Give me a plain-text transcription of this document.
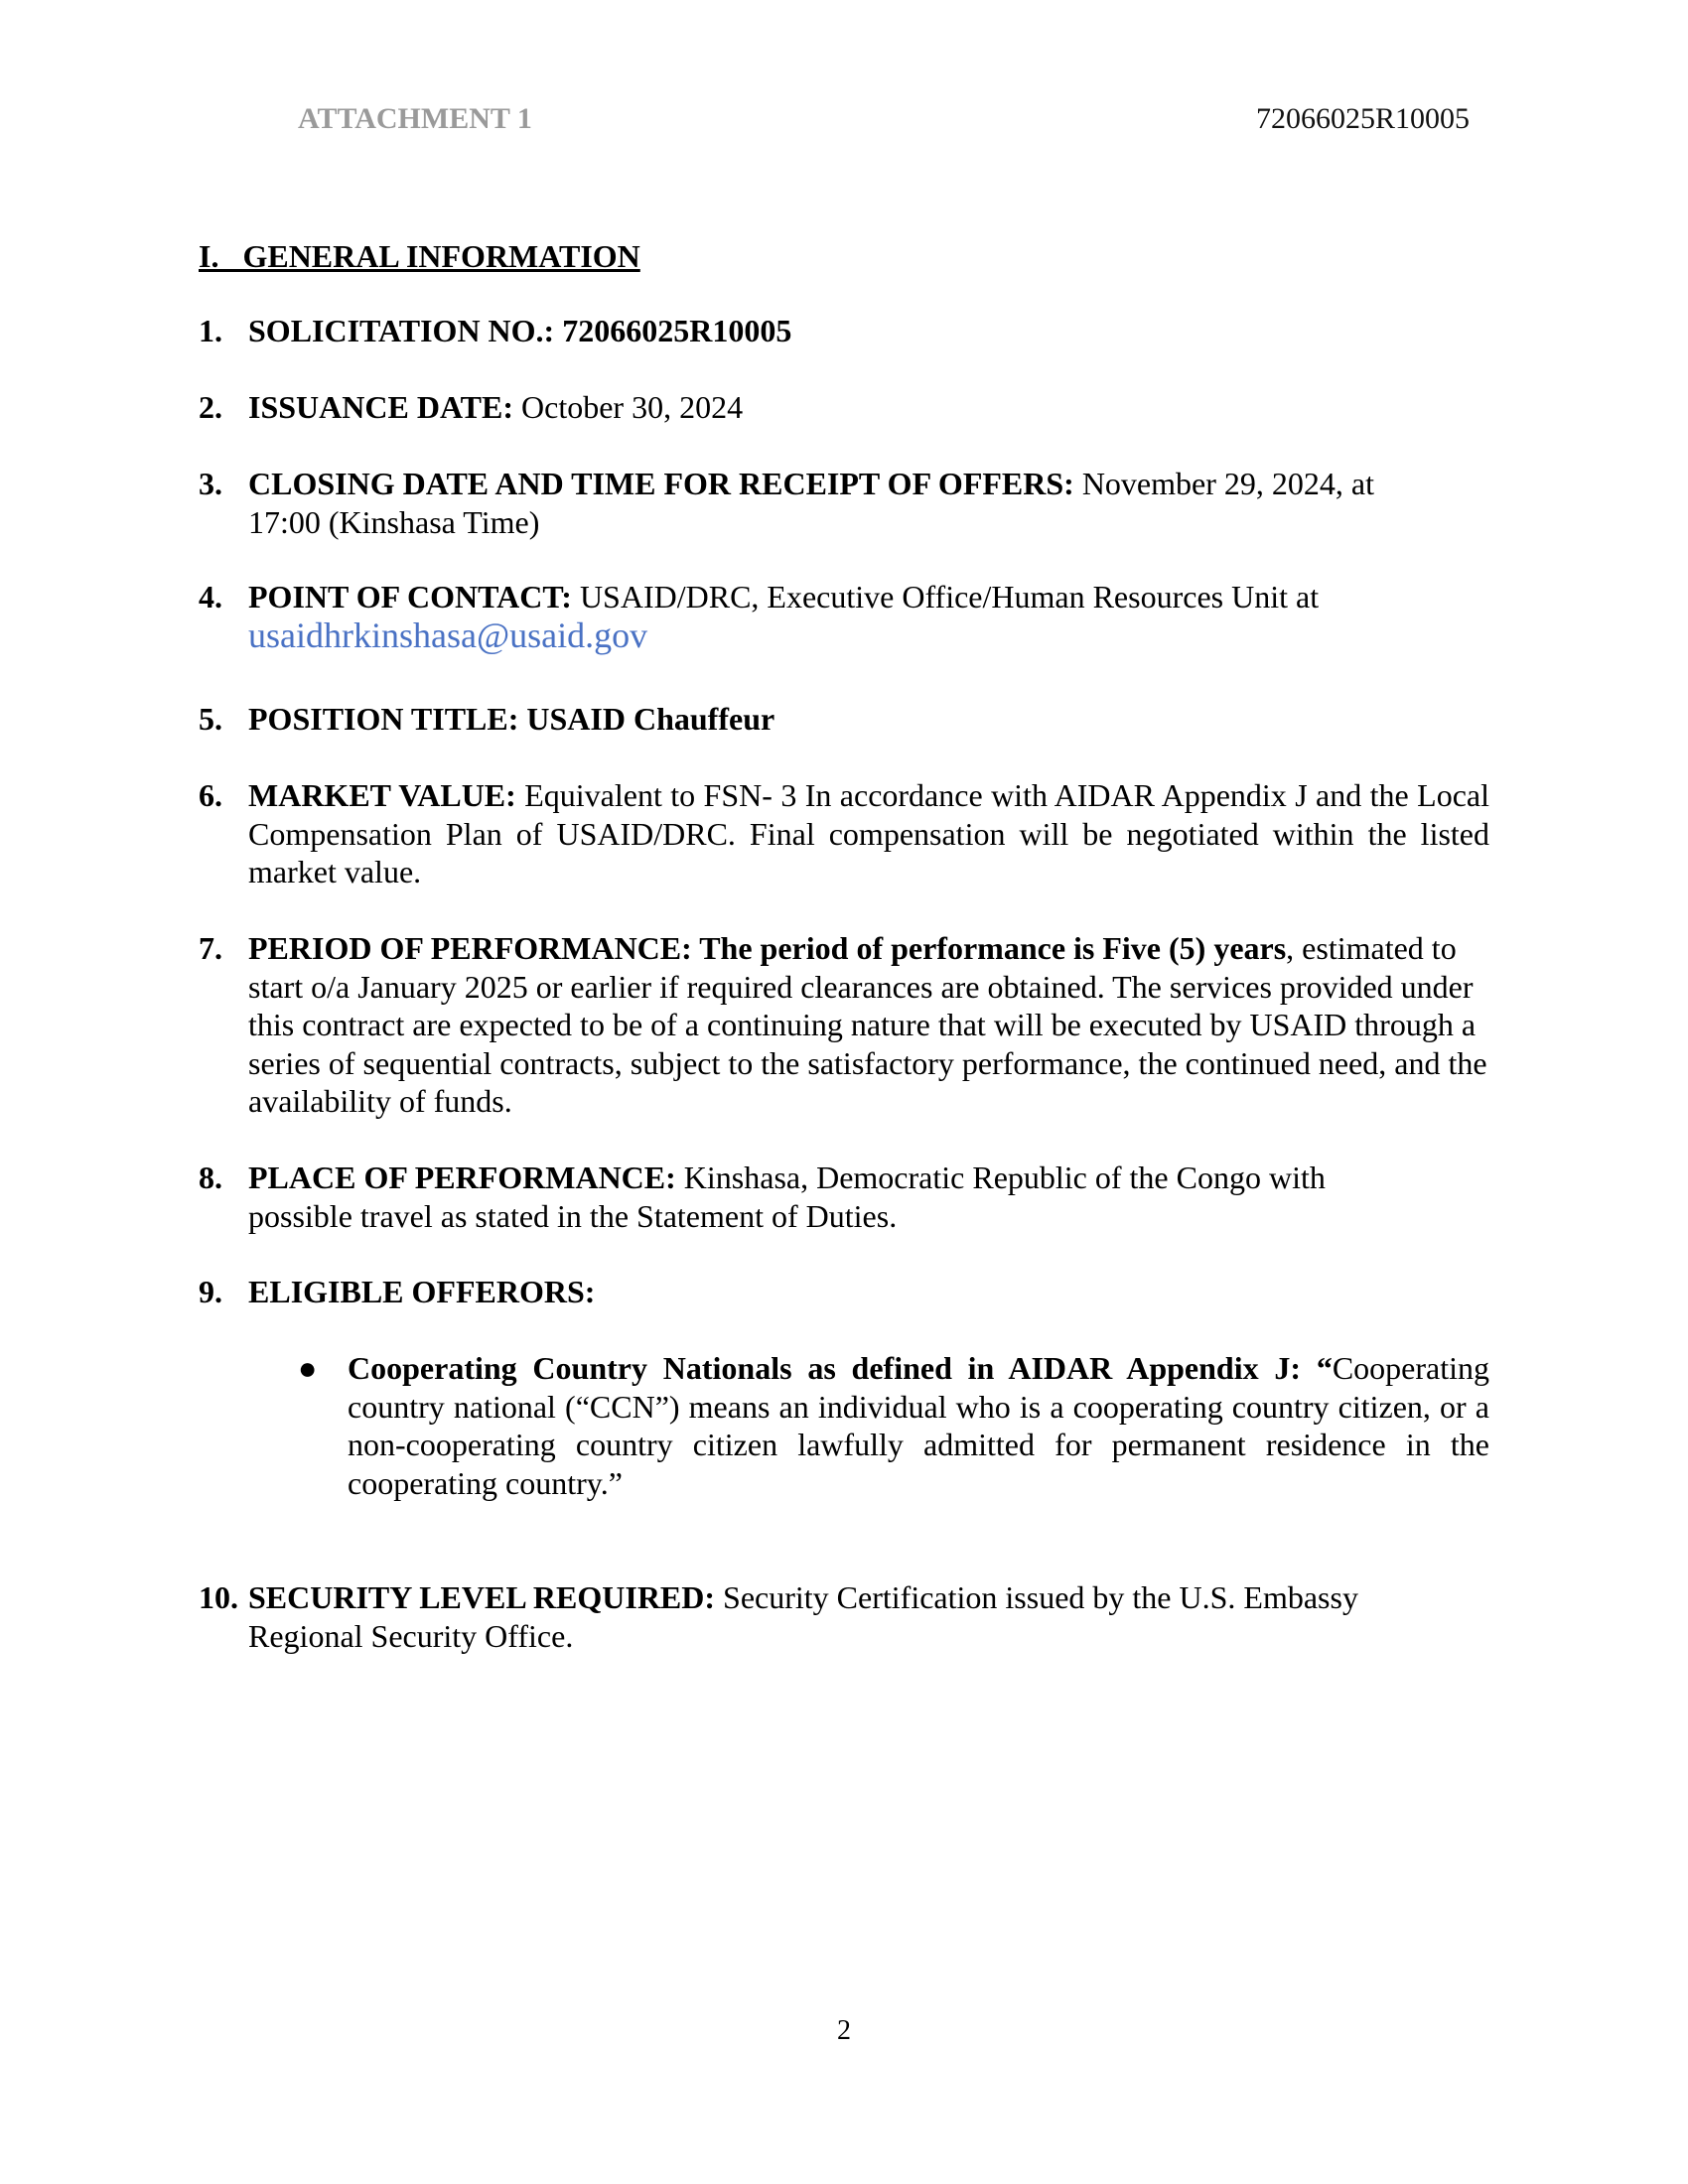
ATTACHMENT 1	72066025R10005
I.   GENERAL INFORMATION
1. SOLICITATION NO.: 72066025R10005
2. ISSUANCE DATE: October 30, 2024
3. CLOSING DATE AND TIME FOR RECEIPT OF OFFERS: November 29, 2024, at 17:00 (Kinshasa Time)
4. POINT OF CONTACT: USAID/DRC, Executive Office/Human Resources Unit at
usaidhrkinshasa@usaid.gov
5. POSITION TITLE: USAID Chauffeur
6. MARKET VALUE: Equivalent to FSN- 3 In accordance with AIDAR Appendix J and the Local Compensation Plan of USAID/DRC. Final compensation will be negotiated within the listed market value.
7. PERIOD OF PERFORMANCE: The period of performance is Five (5) years, estimated to start o/a January 2025 or earlier if required clearances are obtained. The services provided under this contract are expected to be of a continuing nature that will be executed by USAID through a series of sequential contracts, subject to the satisfactory performance, the continued need, and the availability of funds.
8. PLACE OF PERFORMANCE: Kinshasa, Democratic Republic of the Congo with possible travel as stated in the Statement of Duties.
9. ELIGIBLE OFFERORS:
● Cooperating Country Nationals as defined in AIDAR Appendix J: “Cooperating country national (“CCN”) means an individual who is a cooperating country citizen, or a non-cooperating country citizen lawfully admitted for permanent residence in the cooperating country.”
10. SECURITY LEVEL REQUIRED: Security Certification issued by the U.S. Embassy Regional Security Office.
2
